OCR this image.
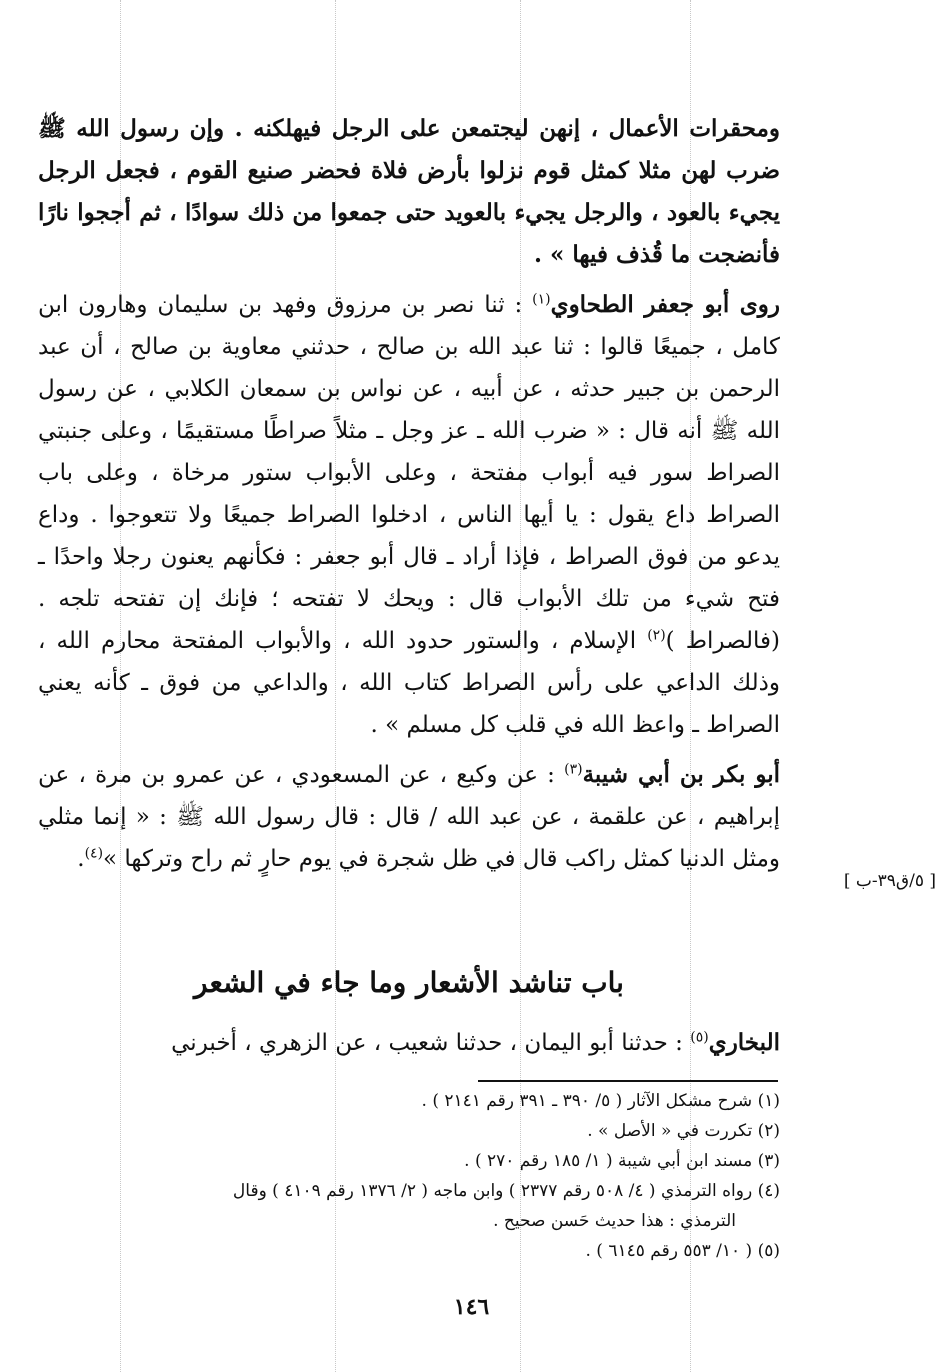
ومحقرات الأعمال ، إنهن ليجتمعن على الرجل فيهلكنه . وإن رسول الله ﷺ ضرب لهن مثلا كمثل قوم نزلوا بأرض فلاة فحضر صنيع القوم ، فجعل الرجل يجيء بالعود ، والرجل يجيء بالعويد حتى جمعوا من ذلك سوادًا ، ثم أججوا نارًا فأنضجت ما قُذف فيها » .

روى أبو جعفر الطحاوي$^{(١)}$ : ثنا نصر بن مرزوق وفهد بن سليمان وهارون ابن كامل ، جميعًا قالوا : ثنا عبد الله بن صالح ، حدثني معاوية بن صالح ، أن عبد الرحمن بن جبير حدثه ، عن أبيه ، عن نواس بن سمعان الكلابي ، عن رسول الله ﷺ أنه قال : « ضرب الله ـ عز وجل ـ مثلاً صراطًا مستقيمًا ، وعلى جنبتي الصراط سور فيه أبواب مفتحة ، وعلى الأبواب ستور مرخاة ، وعلى باب الصراط داع يقول : يا أيها الناس ، ادخلوا الصراط جميعًا ولا تتعوجوا . وداع يدعو من فوق الصراط ، فإذا أراد ـ قال أبو جعفر : فكأنهم يعنون رجلا واحدًا ـ فتح شيء من تلك الأبواب قال : ويحك لا تفتحه ؛ فإنك إن تفتحه تلجه . (فالصراط )$^{(٢)}$ الإسلام ، والستور حدود الله ، والأبواب المفتحة محارم الله ، وذلك الداعي على رأس الصراط كتاب الله ، والداعي من فوق ـ كأنه يعني الصراط ـ واعظ الله في قلب كل مسلم » .

أبو بكر بن أبي شيبة$^{(٣)}$ : عن وكيع ، عن المسعودي ، عن عمرو بن مرة ، عن إبراهيم ، عن علقمة ، عن عبد الله / قال : قال رسول الله ﷺ : « إنما مثلي ومثل الدنيا كمثل راكب قال في ظل شجرة في يوم حارٍ ثم راح وتركها »$^{(٤)}$.

[ ٥/ق٣٩-ب ]
باب تناشد الأشعار وما جاء في الشعر
البخاري$^{(٥)}$ : حدثنا أبو اليمان ، حدثنا شعيب ، عن الزهري ، أخبرني

(١) شرح مشكل الآثار ( ٥/ ٣٩٠ ـ ٣٩١ رقم ٢١٤١ ) .

(٢) تكررت في « الأصل » .

(٣) مسند ابن أبي شيبة ( ١/ ١٨٥ رقم ٢٧٠ ) .

(٤) رواه الترمذي ( ٤/ ٥٠٨ رقم ٢٣٧٧ ) وابن ماجه ( ٢/ ١٣٧٦ رقم ٤١٠٩ ) وقال

الترمذي : هذا حديث حَسن صحيح .

(٥) ( ١٠/ ٥٥٣ رقم ٦١٤٥ ) .

١٤٦
